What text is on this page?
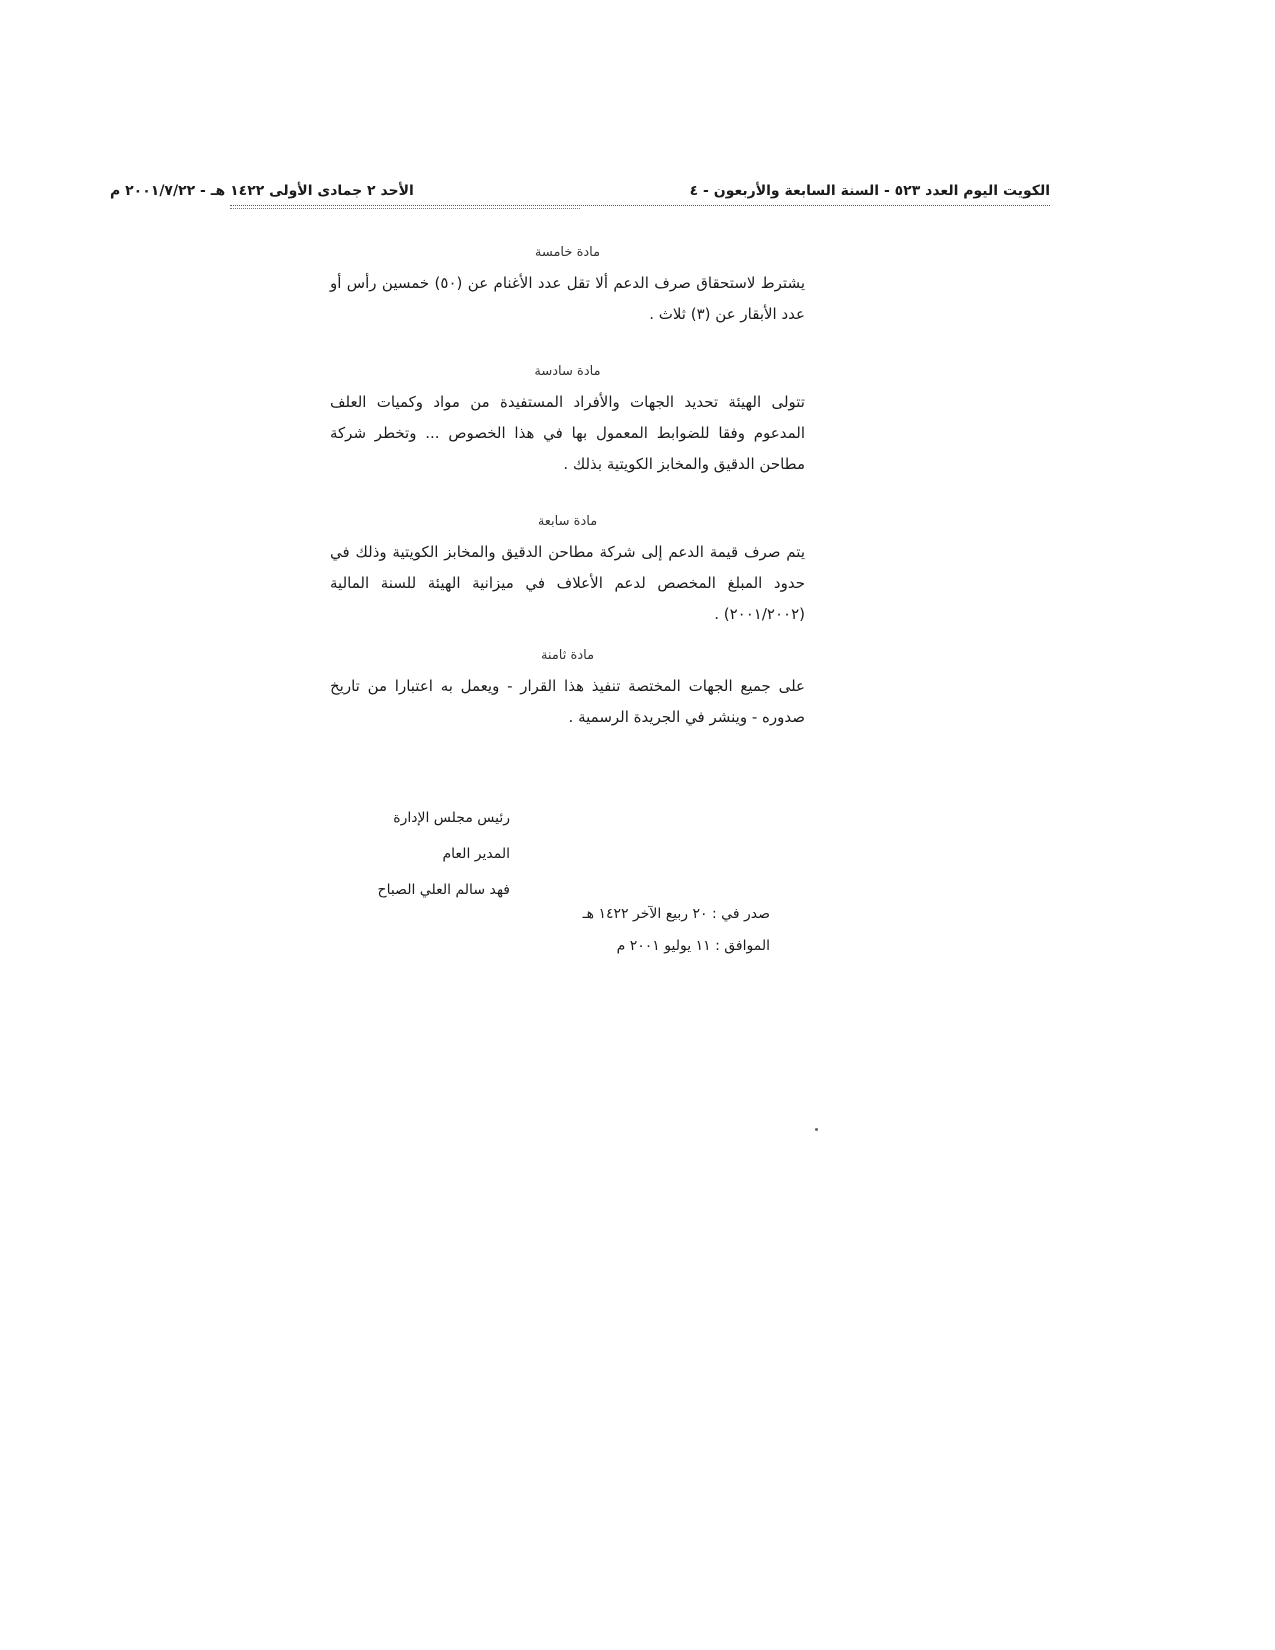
الكويت اليوم العدد ٥٢٣ - السنة السابعة والأربعون - ٤
الأحد ٢ جمادى الأولى ١٤٢٢ هـ - ٢٠٠١/٧/٢٢ م
مادة خامسة
يشترط لاستحقاق صرف الدعم ألا تقل عدد الأغنام عن (٥٠) خمسين رأس أو عدد الأبقار عن (٣) ثلاث .
مادة سادسة
تتولى الهيئة تحديد الجهات والأفراد المستفيدة من مواد وكميات العلف المدعوم وفقا للضوابط المعمول بها في هذا الخصوص ... وتخطر شركة مطاحن الدقيق والمخابز الكويتية بذلك .
مادة سابعة
يتم صرف قيمة الدعم إلى شركة مطاحن الدقيق والمخابز الكويتية وذلك في حدود المبلغ المخصص لدعم الأعلاف في ميزانية الهيئة للسنة المالية (٢٠٠١/٢٠٠٢) .
مادة ثامنة
على جميع الجهات المختصة تنفيذ هذا القرار - ويعمل به اعتبارا من تاريخ صدوره - وينشر في الجريدة الرسمية .
رئيس مجلس الإدارة
المدير العام
فهد سالم العلي الصباح
صدر في : ٢٠ ربيع الآخر ١٤٢٢ هـ
الموافق : ١١ يوليو ٢٠٠١ م
